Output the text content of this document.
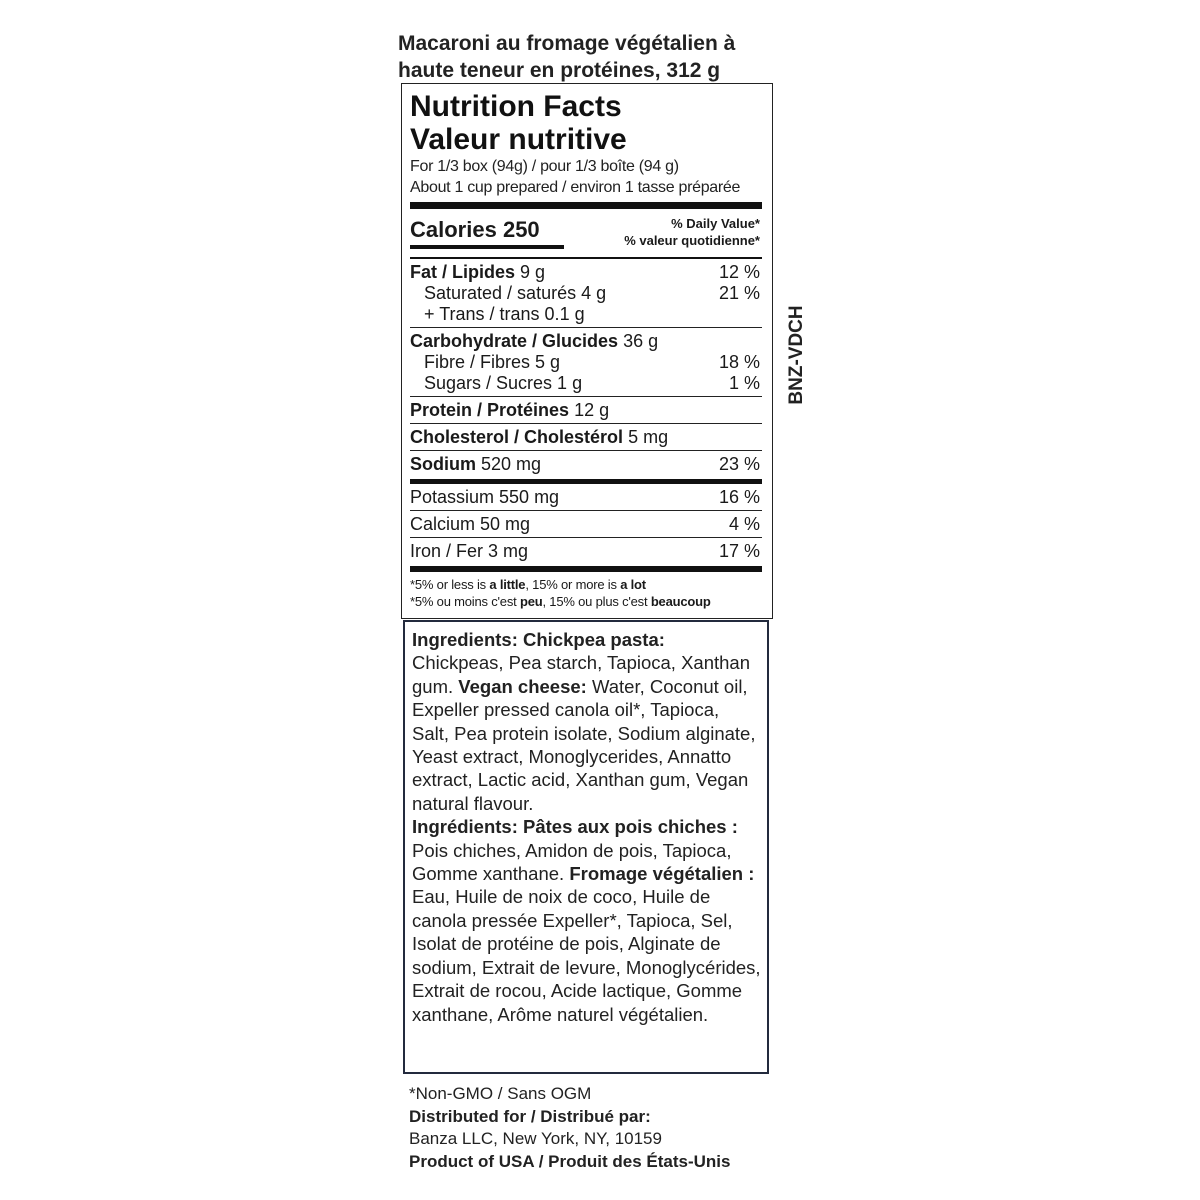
Macaroni au fromage végétalien à
haute teneur en protéines, 312 g
Nutrition Facts
Valeur nutritive
For 1/3 box (94g) / pour 1/3 boîte (94 g)
About 1 cup prepared / environ 1 tasse préparée
Calories 250	% Daily Value*
% valeur quotidienne*
Fat / Lipides 9 g	12 %
Saturated / saturés 4 g	21 %
+ Trans / trans 0.1 g
Carbohydrate / Glucides 36 g
Fibre / Fibres 5 g	18 %
Sugars / Sucres 1 g	1 %
Protein / Protéines 12 g
Cholesterol / Cholestérol 5 mg
Sodium 520 mg	23 %
Potassium 550 mg	16 %
Calcium 50 mg	4 %
Iron / Fer 3 mg	17 %
*5% or less is a little, 15% or more is a lot
*5% ou moins c'est peu, 15% ou plus c'est beaucoup

Ingredients: Chickpea pasta: Chickpeas, Pea starch, Tapioca, Xanthan gum. Vegan cheese: Water, Coconut oil, Expeller pressed canola oil*, Tapioca, Salt, Pea protein isolate, Sodium alginate, Yeast extract, Monoglycerides, Annatto extract, Lactic acid, Xanthan gum, Vegan natural flavour.

Ingrédients: Pâtes aux pois chiches : Pois chiches, Amidon de pois, Tapioca, Gomme xanthane. Fromage végétalien : Eau, Huile de noix de coco, Huile de canola pressée Expeller*, Tapioca, Sel, Isolat de protéine de pois, Alginate de sodium, Extrait de levure, Monoglycérides, Extrait de rocou, Acide lactique, Gomme xanthane, Arôme naturel végétalien.

*Non-GMO / Sans OGM
Distributed for / Distribué par:
Banza LLC, New York, NY, 10159
Product of USA / Produit des États-Unis
BNZ-VDCH
